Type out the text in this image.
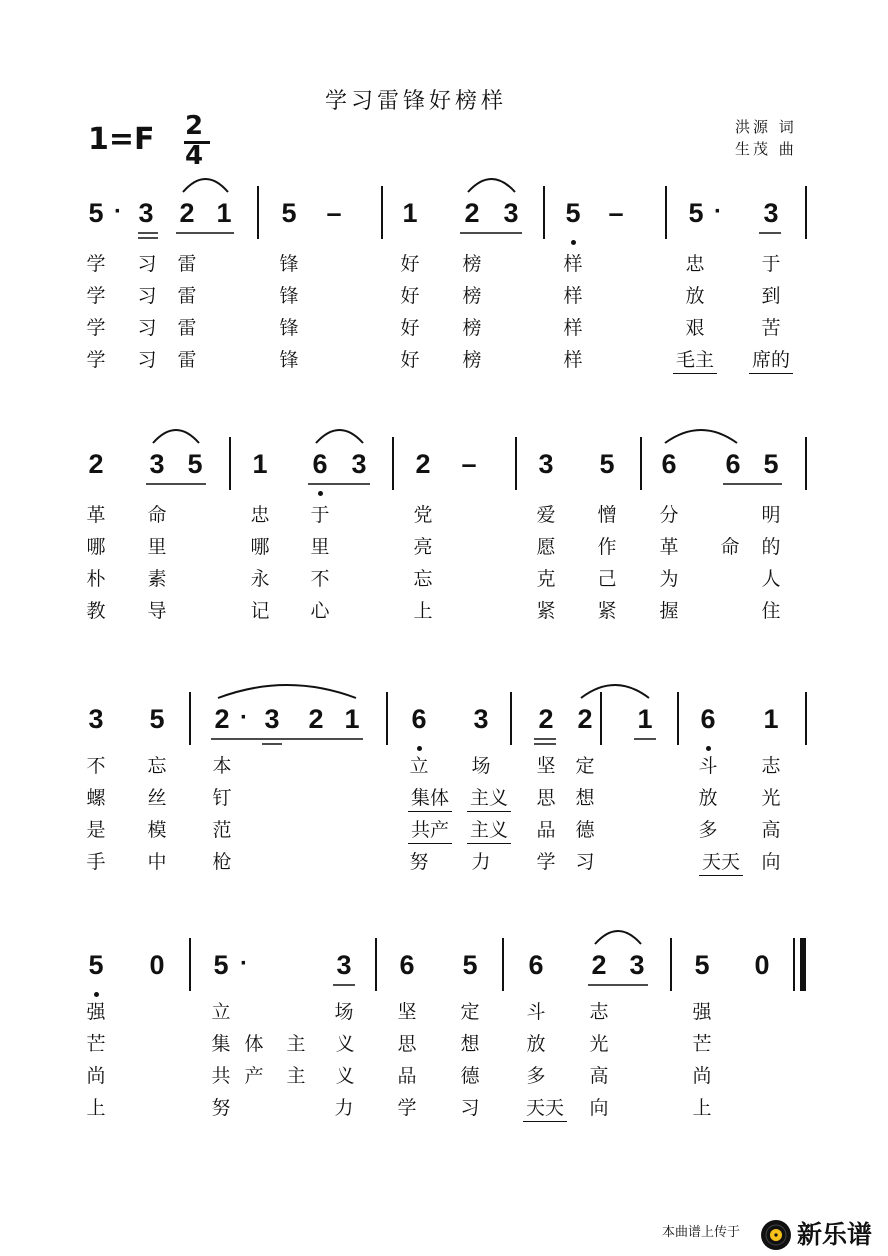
学习雷锋好榜样
1=F 2
4
洪源 词
生茂 曲
5 3 2 1 5	1 2 3 5	5 3
·	·
–	–
学 习 雷	锋	好 榜	样	忠	于
学 习 雷	锋	好 榜	样	放	到
学 习 雷	锋	好 榜	样	艰	苦
学 习 雷	锋	好 榜	样	毛主 席的
2 3 5 1 6 3 2	3 5 6 6 5
–
革 命	忠 于	党	爱 憎 分	明
哪 里	哪 里	亮	愿 作 革 命 的
朴 素	永 不	忘	克 己 为	人
教 导	记 心	上	紧 紧 握	住
3 5 2 3 2 1 6 3 2 2 1 6 1
·
不 忘 本	立 场 坚 定	斗 志
螺 丝 钉	集体 主义 思 想	放 光
是 模 范	共产 主义 品 德	多 高
手 中 枪	努 力 学 习	天天 向
5 0 5	3 6 5 6 2 3 5 0
·
强	立	场 坚 定 斗 志	强
芒	集 体 主 义 思 想 放 光	芒
尚	共 产 主 义 品 德 多 高	尚
上	努	力 学 习 天天 向	上
本曲谱上传于 新乐谱
